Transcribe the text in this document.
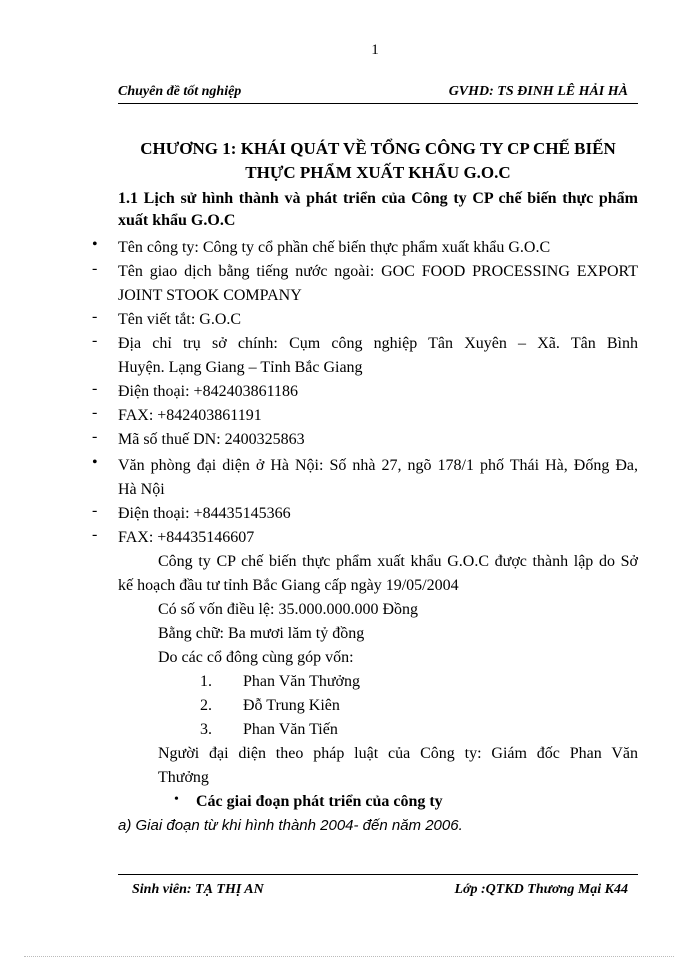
1
Chuyên đề tốt nghiệp	GVHD: TS ĐINH LÊ HẢI HÀ
CHƯƠNG 1: KHÁI QUÁT VỀ TỔNG CÔNG TY CP CHẾ BIẾN
THỰC PHẨM XUẤT KHẨU G.O.C
1.1 Lịch sử hình thành và phát triển của Công ty CP chế biến thực phẩm
xuất khẩu G.O.C
• Tên công ty: Công ty cổ phần chế biến thực phẩm xuất khẩu G.O.C
- Tên giao dịch bằng tiếng nước ngoài: GOC FOOD PROCESSING EXPORT
JOINT STOOK COMPANY
- Tên viết tắt: G.O.C
- Địa chỉ trụ sở chính: Cụm công nghiệp Tân Xuyên – Xã. Tân Bình
Huyện. Lạng Giang – Tỉnh Bắc Giang
- Điện thoại: +842403861186
- FAX: +842403861191
- Mã số thuế DN: 2400325863
• Văn phòng đại diện ở Hà Nội: Số nhà 27, ngõ 178/1 phố Thái Hà, Đống Đa,
Hà Nội
- Điện thoại: +84435145366
- FAX: +84435146607
Công ty CP chế biến thực phẩm xuất khẩu G.O.C được thành lập do Sở
kế hoạch đầu tư tỉnh Bắc Giang cấp ngày 19/05/2004
Có số vốn điều lệ: 35.000.000.000 Đồng
Bằng chữ: Ba mươi lăm tỷ đồng
Do các cổ đông cùng góp vốn:
1. Phan Văn Thưởng
2. Đỗ Trung Kiên
3. Phan Văn Tiến
Người đại diện theo pháp luật của Công ty: Giám đốc Phan Văn
Thưởng
• Các giai đoạn phát triển của công ty
a) Giai đoạn từ khi hình thành 2004- đến năm 2006.
Sinh viên: TẠ THỊ AN	Lớp :QTKD Thương Mại K44
